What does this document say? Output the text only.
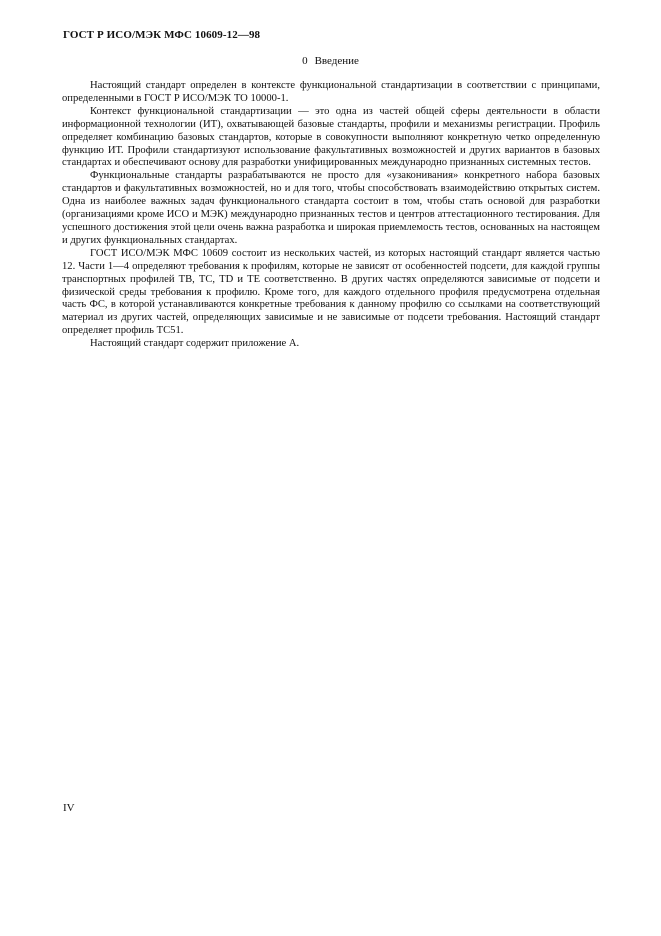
ГОСТ Р ИСО/МЭК МФС 10609-12—98
0 Введение

Настоящий стандарт определен в контексте функциональной стандартизации в соответствии с принципами, определенными в ГОСТ Р ИСО/МЭК ТО 10000-1.

Контекст функциональной стандартизации — это одна из частей общей сферы деятельности в области информационной технологии (ИТ), охватывающей базовые стандарты, профили и механизмы регистрации. Профиль определяет комбинацию базовых стандартов, которые в совокупности выполняют конкретную четко определенную функцию ИТ. Профили стандартизуют использование факультативных возможностей и других вариантов в базовых стандартах и обеспечивают основу для разработки унифицированных международно признанных системных тестов.

Функциональные стандарты разрабатываются не просто для «узаконивания» конкретного набора базовых стандартов и факультативных возможностей, но и для того, чтобы способствовать взаимодействию открытых систем. Одна из наиболее важных задач функционального стандарта состоит в том, чтобы стать основой для разработки (организациями кроме ИСО и МЭК) международно признанных тестов и центров аттестационного тестирования. Для успешного достижения этой цели очень важна разработка и широкая приемлемость тестов, основанных на настоящем и других функциональных стандартах.

ГОСТ ИСО/МЭК МФС 10609 состоит из нескольких частей, из которых настоящий стандарт является частью 12. Части 1—4 определяют требования к профилям, которые не зависят от особенностей подсети, для каждой группы транспортных профилей ТВ, ТС, TD и ТЕ соответственно. В других частях определяются зависимые от подсети и физической среды требования к профилю. Кроме того, для каждого отдельного профиля предусмотрена отдельная часть ФС, в которой устанавливаются конкретные требования к данному профилю со ссылками на соответствующий материал из других частей, определяющих зависимые и не зависимые от подсети требования. Настоящий стандарт определяет профиль ТС51.

Настоящий стандарт содержит приложение А.

IV
